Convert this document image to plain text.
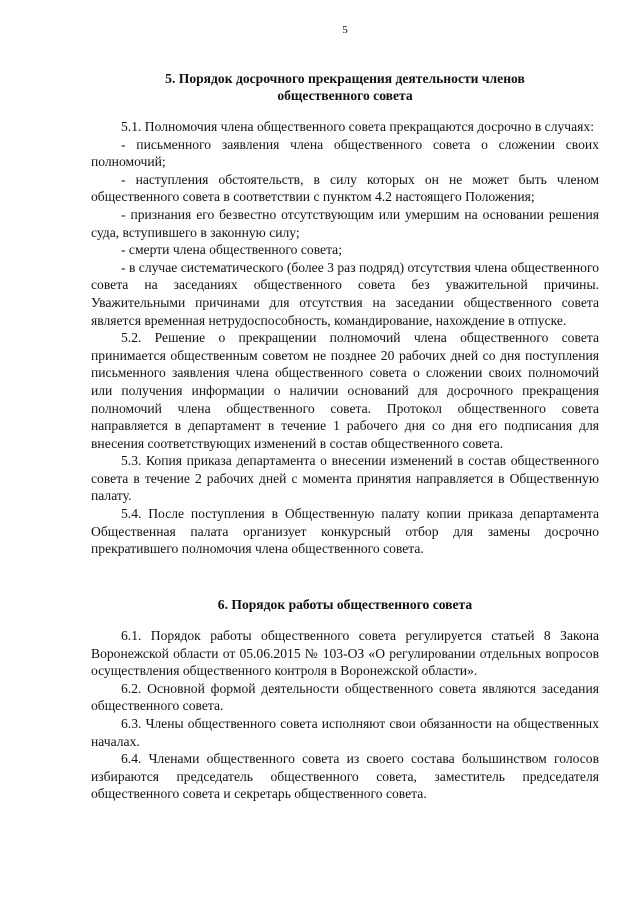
5
5. Порядок досрочного прекращения деятельности членов
общественного совета

5.1. Полномочия члена общественного совета прекращаются досрочно в случаях:

- письменного заявления члена общественного совета о сложении своих полномочий;

- наступления обстоятельств, в силу которых он не может быть членом общественного совета в соответствии с пунктом 4.2 настоящего Положения;

- признания его безвестно отсутствующим или умершим на основании решения суда, вступившего в законную силу;

- смерти члена общественного совета;

- в случае систематического (более 3 раз подряд) отсутствия члена общественного совета на заседаниях общественного совета без уважительной причины. Уважительными причинами для отсутствия на заседании общественного совета является временная нетрудоспособность, командирование, нахождение в отпуске.

5.2. Решение о прекращении полномочий члена общественного совета принимается общественным советом не позднее 20 рабочих дней со дня поступления письменного заявления члена общественного совета о сложении своих полномочий или получения информации о наличии оснований для досрочного прекращения полномочий члена общественного совета. Протокол общественного совета направляется в департамент в течение 1 рабочего дня со дня его подписания для внесения соответствующих изменений в состав общественного совета.

5.3. Копия приказа департамента о внесении изменений в состав общественного совета в течение 2 рабочих дней с момента принятия направляется в Общественную палату.

5.4. После поступления в Общественную палату копии приказа департамента Общественная палата организует конкурсный отбор для замены досрочно прекратившего полномочия члена общественного совета.

6. Порядок работы общественного совета

6.1. Порядок работы общественного совета регулируется статьей 8 Закона Воронежской области от 05.06.2015 № 103-ОЗ «О регулировании отдельных вопросов осуществления общественного контроля в Воронежской области».

6.2. Основной формой деятельности общественного совета являются заседания общественного совета.

6.3. Члены общественного совета исполняют свои обязанности на общественных началах.

6.4. Членами общественного совета из своего состава большинством голосов избираются председатель общественного совета, заместитель председателя общественного совета и секретарь общественного совета.
